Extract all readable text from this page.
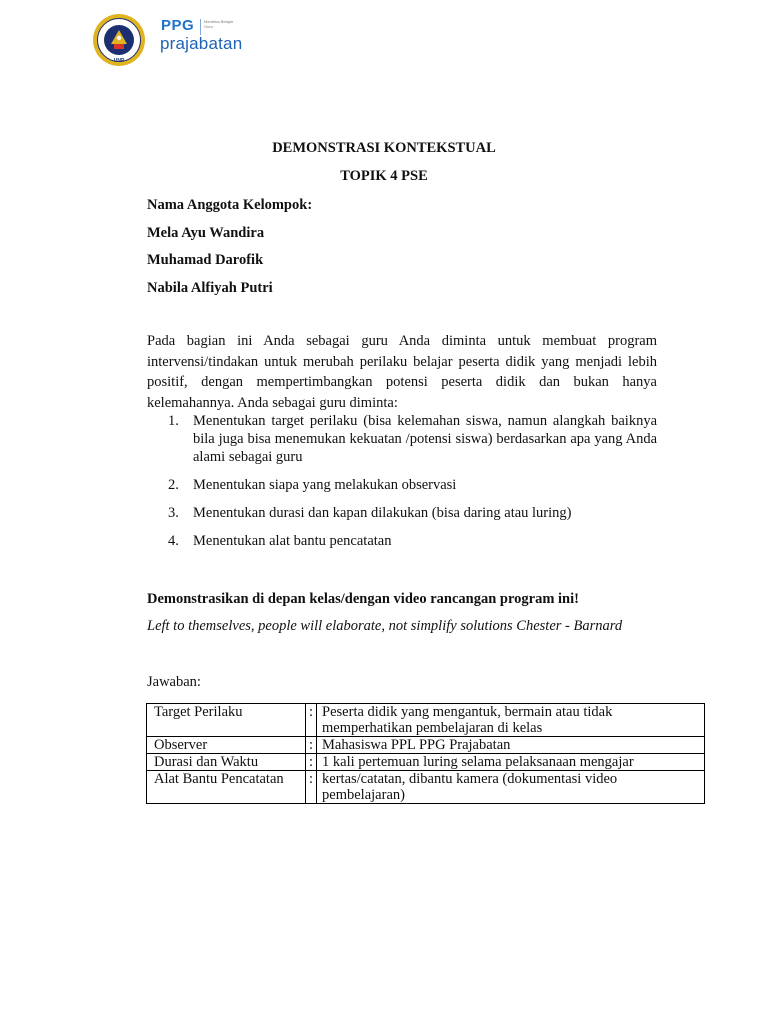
UNP
PPG Merdeka Belajar Guru
prajabatan
DEMONSTRASI KONTEKSTUAL
TOPIK 4 PSE
Nama Anggota Kelompok:
Mela Ayu Wandira
Muhamad Darofik
Nabila Alfiyah Putri
Pada bagian ini Anda sebagai guru Anda diminta untuk membuat program intervensi/tindakan untuk merubah perilaku belajar peserta didik yang menjadi lebih positif, dengan mempertimbangkan potensi peserta didik dan bukan hanya kelemahannya. Anda sebagai guru diminta:
1. Menentukan target perilaku (bisa kelemahan siswa, namun alangkah baiknya bila juga bisa menemukan kekuatan /potensi siswa) berdasarkan apa yang Anda alami sebagai guru
2. Menentukan siapa yang melakukan observasi
3. Menentukan durasi dan kapan dilakukan (bisa daring atau luring)
4. Menentukan alat bantu pencatatan
Demonstrasikan di depan kelas/dengan video rancangan program ini!
Left to themselves, people will elaborate, not simplify solutions Chester - Barnard
Jawaban:
Target Perilaku	:	Peserta didik yang mengantuk, bermain atau tidak
memperhatikan pembelajaran di kelas

Observer	:	Mahasiswa PPL PPG Prajabatan
Durasi dan Waktu	:	1 kali pertemuan luring selama pelaksanaan mengajar
Alat Bantu Pencatatan	:	kertas/catatan, dibantu kamera (dokumentasi video
pembelajaran)
